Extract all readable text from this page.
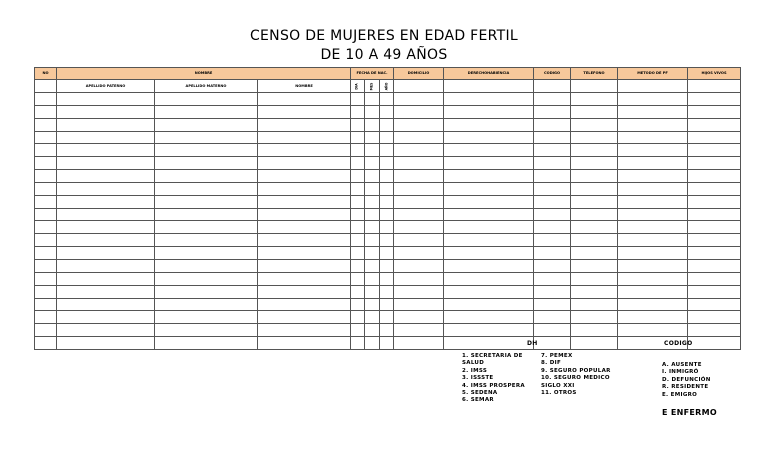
CENSO DE MUJERES EN EDAD FERTIL
DE 10 A 49 AÑOS
NO	NOMBRE			FECHA DE NAC.			DOMICILIO	DERECHOHABIENCIA	CODIGO	TELEFONO	METODO DE PF	HIJOS VIVOS
	APELLIDO PATERNO	APELLIDO MATERNO	NOMBRE	DIA	MES	AÑO						

DH
1. SECRETARIA DE
SALUD
2. IMSS
3. ISSSTE
4. IMSS PROSPERA
5. SEDENA
6. SEMAR
7. PEMEX
8. DIF
9. SEGURO POPULAR
10. SEGURO MEDICO
SIGLO XXI
11. OTROS
CODIGO
A. AUSENTE
I. INMIGRÓ
D. DEFUNCIÓN
R. RESIDENTE
E. EMIGRO
E ENFERMO
